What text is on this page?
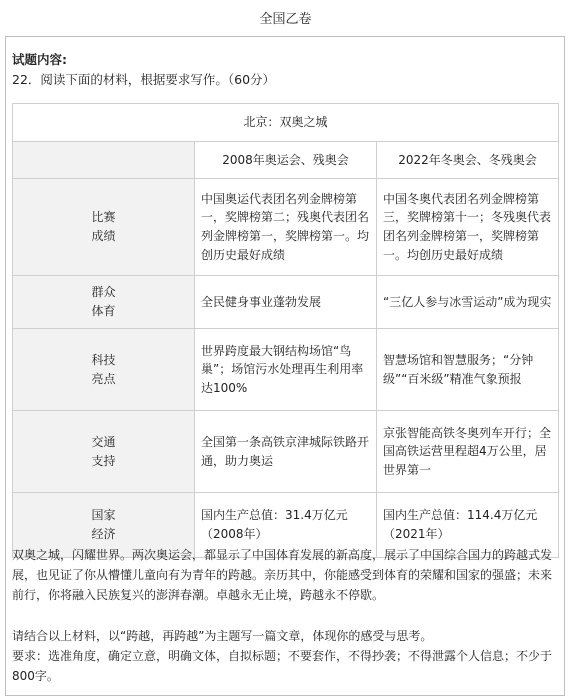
全国乙卷
试题内容:
22．阅读下面的材料，根据要求写作。（60分）
北京：双奥之城		
	2008年奥运会、残奥会	2022年冬奥会、冬残奥会

比赛
成绩	中国奥运代表团名列金牌榜第一，奖牌榜第二；残奥代表团名列金牌榜第一，奖牌榜第一。均创历史最好成绩	中国冬奥代表团名列金牌榜第三，奖牌榜第十一；冬残奥代表团名列金牌榜第一，奖牌榜第一。均创历史最好成绩

群众
体育	全民健身事业蓬勃发展	“三亿人参与冰雪运动”成为现实

科技
亮点	世界跨度最大钢结构场馆“鸟巢”；场馆污水处理再生利用率达100%	智慧场馆和智慧服务；“分钟级”“百米级”精准气象预报

交通
支持	全国第一条高铁京津城际铁路开通，助力奥运	京张智能高铁冬奥列车开行；全国高铁运营里程超4万公里，居世界第一

国家
经济	国内生产总值：31.4万亿元（2008年）	国内生产总值：114.4万亿元（2021年）
双奥之城，闪耀世界。两次奥运会，都显示了中国体育发展的新高度，展示了中国综合国力的跨越式发展，也见证了你从懵懂儿童向有为青年的跨越。亲历其中，你能感受到体育的荣耀和国家的强盛；未来前行，你将融入民族复兴的澎湃春潮。卓越永无止境，跨越永不停歇。
请结合以上材料，以“跨越，再跨越”为主题写一篇文章，体现你的感受与思考。
要求：选准角度，确定立意，明确文体，自拟标题；不要套作，不得抄袭；不得泄露个人信息；不少于800字。
